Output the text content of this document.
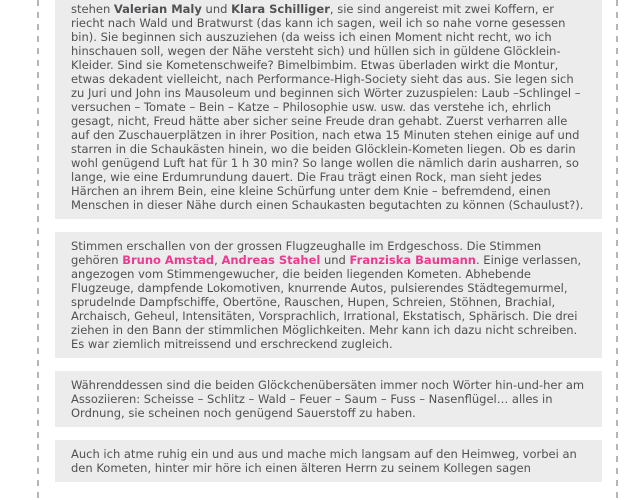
stehen Valerian Maly und Klara Schilliger, sie sind angereist mit zwei Koffern, er riecht nach Wald und Bratwurst (das kann ich sagen, weil ich so nahe vorne gesessen bin). Sie beginnen sich auszuziehen (da weiss ich einen Moment nicht recht, wo ich hinschauen soll, wegen der Nähe versteht sich) und hüllen sich in güldene Glöcklein-Kleider. Sind sie Kometenschweife? Bimelbimbim. Etwas überladen wirkt die Montur, etwas dekadent vielleicht, nach Performance-High-Society sieht das aus. Sie legen sich zu Juri und John ins Mausoleum und beginnen sich Wörter zuzuspielen: Laub –Schlingel – versuchen – Tomate – Bein – Katze – Philosophie usw. usw. das verstehe ich, ehrlich gesagt, nicht, Freud hätte aber sicher seine Freude dran gehabt. Zuerst verharren alle auf den Zuschauerplätzen in ihrer Position, nach etwa 15 Minuten stehen einige auf und starren in die Schaukästen hinein, wo die beiden Glöcklein-Kometen liegen. Ob es darin wohl genügend Luft hat für 1 h 30 min? So lange wollen die nämlich darin ausharren, so lange, wie eine Erdumrundung dauert. Die Frau trägt einen Rock, man sieht jedes Härchen an ihrem Bein, eine kleine Schürfung unter dem Knie – befremdend, einen Menschen in dieser Nähe durch einen Schaukasten begutachten zu können (Schaulust?).

Stimmen erschallen von der grossen Flugzeughalle im Erdgeschoss. Die Stimmen gehören Bruno Amstad, Andreas Stahel und Franziska Baumann. Einige verlassen, angezogen vom Stimmengewucher, die beiden liegenden Kometen. Abhebende Flugzeuge, dampfende Lokomotiven, knurrende Autos, pulsierendes Städtegemurmel, sprudelnde Dampfschiffe, Obertöne, Rauschen, Hupen, Schreien, Stöhnen, Brachial, Archaisch, Geheul, Intensitäten, Vorsprachlich, Irrational, Ekstatisch, Sphärisch. Die drei ziehen in den Bann der stimmlichen Möglichkeiten. Mehr kann ich dazu nicht schreiben. Es war ziemlich mitreissend und erschreckend zugleich.

Währenddessen sind die beiden Glöckchenübersäten immer noch Wörter hin-und-her am Assoziieren: Scheisse – Schlitz – Wald – Feuer – Saum – Fuss – Nasenflügel… alles in Ordnung, sie scheinen noch genügend Sauerstoff zu haben.

Auch ich atme ruhig ein und aus und mache mich langsam auf den Heimweg, vorbei an den Kometen, hinter mir höre ich einen älteren Herrn zu seinem Kollegen sagen
